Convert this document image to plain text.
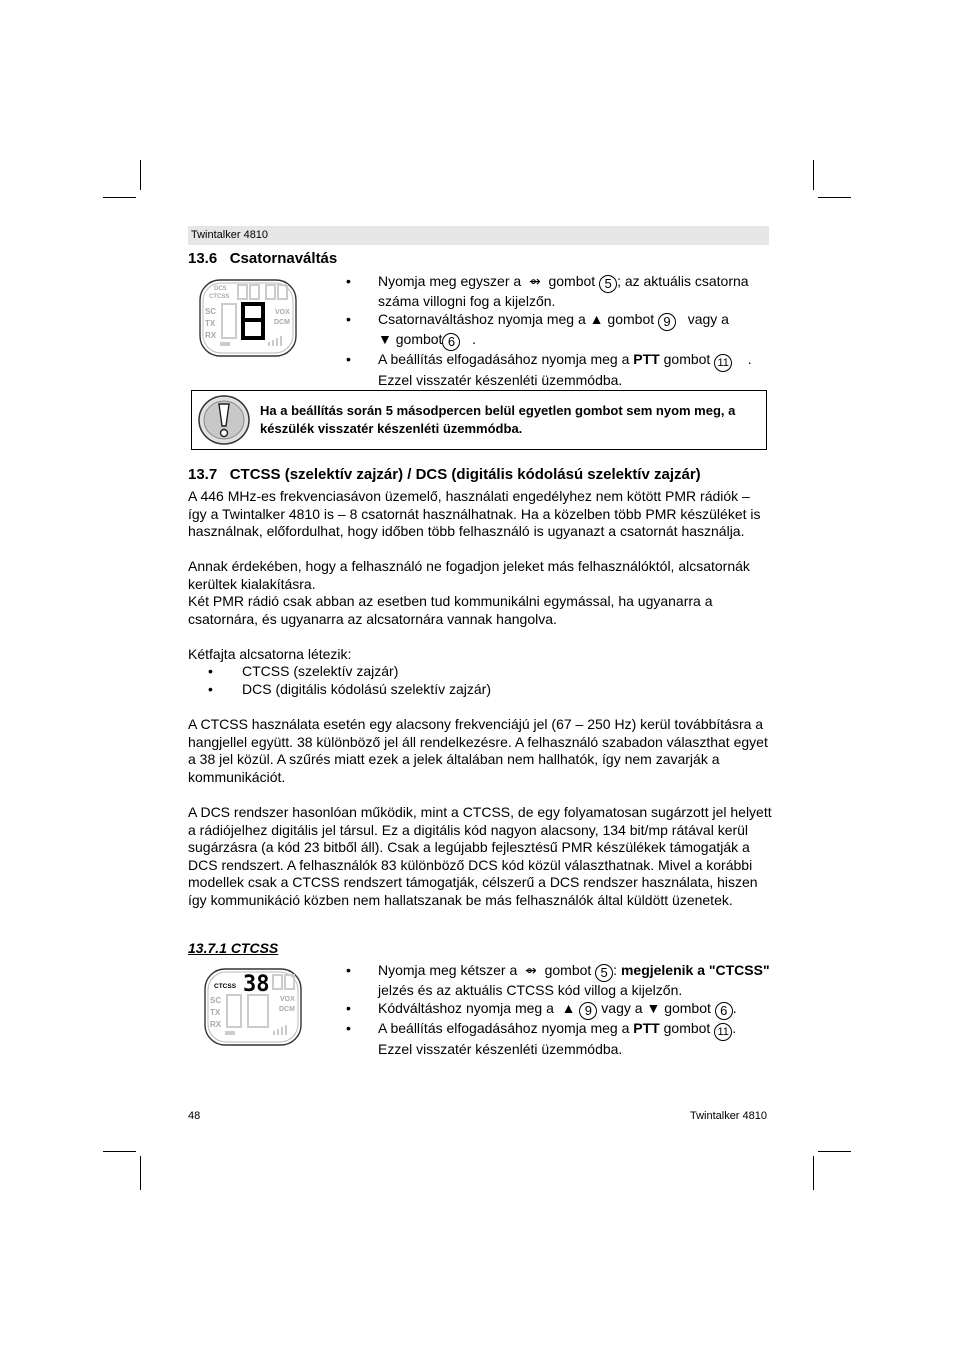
Twintalker 4810
13.6   Csatornaváltás
DCS
CTCSS
SC
TX
RX
VOX
DCM
• Nyomja meg egyszer a  ⇴  gombot 5 ; az aktuális csatorna száma villogni fog a kijelzőn.
• Csatornaváltáshoz nyomja meg a ▲ gombot 9 vagy a
▼ gombot 6 .
• A beállítás elfogadásához nyomja meg a PTT gombot 11 .
Ezzel visszatér készenléti üzemmódba.
Ha a beállítás során 5 másodpercen belül egyetlen gombot sem nyom meg, a készülék visszatér készenléti üzemmódba.
13.7   CTCSS (szelektív zajzár) / DCS (digitális kódolású szelektív zajzár)

A 446 MHz-es frekvenciasávon üzemelő, használati engedélyhez nem kötött PMR rádiók – így a Twintalker 4810 is – 8 csatornát használhatnak. Ha a közelben több PMR készüléket is használnak, előfordulhat, hogy időben több felhasználó is ugyanazt a csatornát használja.

Annak érdekében, hogy a felhasználó ne fogadjon jeleket más felhasználóktól, alcsatornák kerültek kialakításra.

Két PMR rádió csak abban az esetben tud kommunikálni egymással, ha ugyanarra a csatornára, és ugyanarra az alcsatornára vannak hangolva.

Kétfajta alcsatorna létezik:

• CTCSS (szelektív zajzár)
• DCS (digitális kódolású szelektív zajzár)

A CTCSS használata esetén egy alacsony frekvenciájú jel (67 – 250 Hz) kerül továbbításra a hangjellel együtt. 38 különböző jel áll rendelkezésre. A felhasználó szabadon választhat egyet a 38 jel közül. A szűrés miatt ezek a jelek általában nem hallhatók, így nem zavarják a kommunikációt.

A DCS rendszer hasonlóan működik, mint a CTCSS, de egy folyamatosan sugárzott jel helyett a rádiójelhez digitális jel társul. Ez a digitális kód nagyon alacsony, 134 bit/mp rátával kerül sugárzásra (a kód 23 bitből áll). Csak a legújabb fejlesztésű PMR készülékek támogatják a DCS rendszert. A felhasználók 83 különböző DCS kód közül választhatnak. Mivel a korábbi modellek csak a CTCSS rendszert támogatják, célszerű a DCS rendszer használata, hiszen így kommunikáció közben nem hallatszanak be más felhasználók által küldött üzenetek.

13.7.1 CTCSS
CTCSS 38
SC
TX
RX
VOX
DCM
• Nyomja meg kétszer a  ⇴  gombot 5 : megjelenik a "CTCSS" jelzés és az aktuális CTCSS kód villog a kijelzőn.
• Kódváltáshoz nyomja meg a ▲ 9 vagy a ▼ gombot 6 .
• A beállítás elfogadásához nyomja meg a PTT gombot 11 .
Ezzel visszatér készenléti üzemmódba.
48	Twintalker 4810
